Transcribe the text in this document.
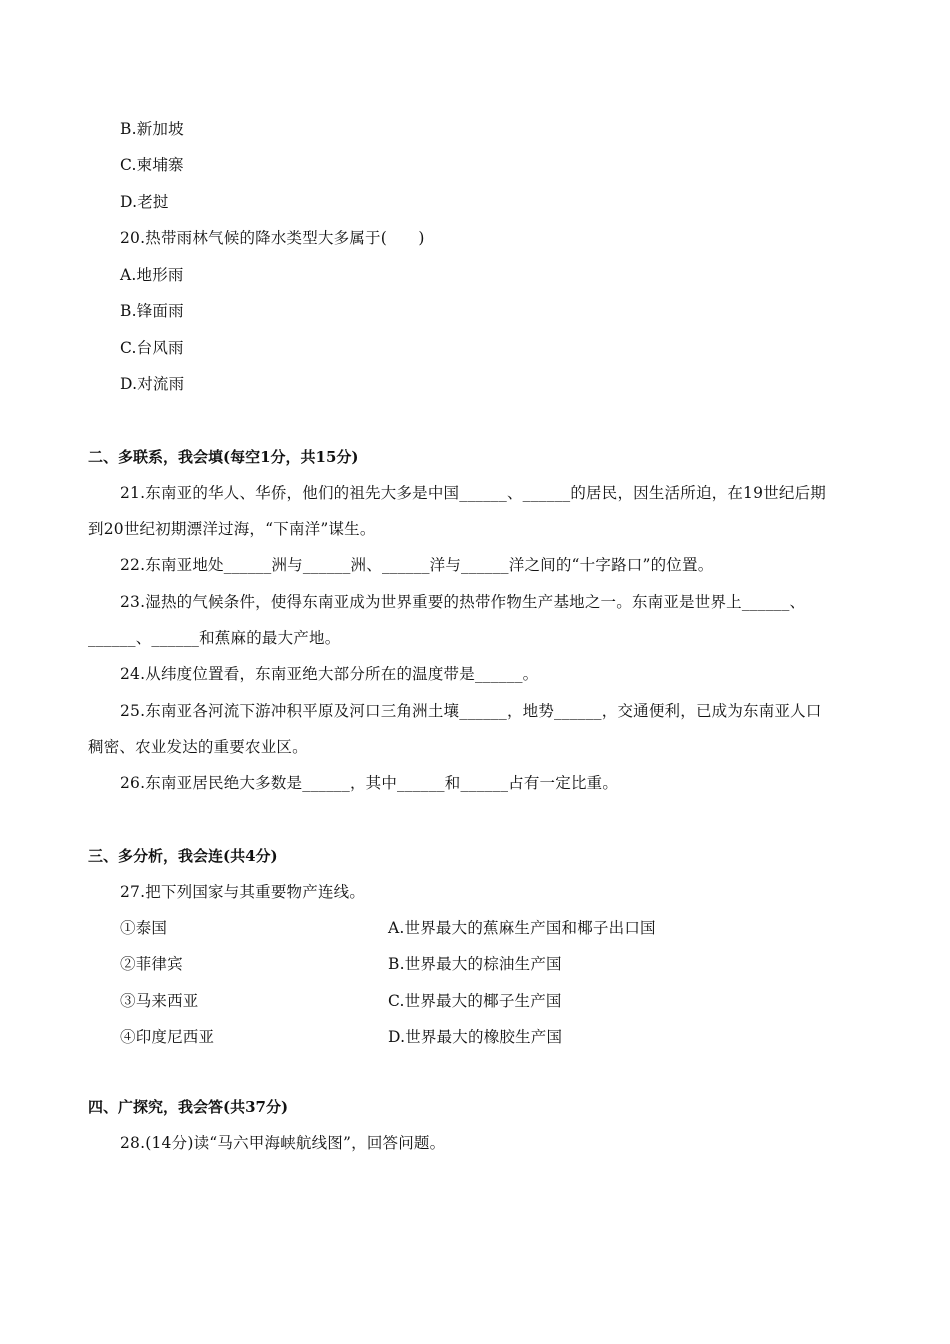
B.新加坡
C.柬埔寨
D.老挝
20.热带雨林气候的降水类型大多属于(　　)
A.地形雨
B.锋面雨
C.台风雨
D.对流雨
二、多联系，我会填(每空1分，共15分)
21.东南亚的华人、华侨，他们的祖先大多是中国______、______的居民，因生活所迫，在19世纪后期
到20世纪初期漂洋过海，“下南洋”谋生。
22.东南亚地处______洲与______洲、______洋与______洋之间的“十字路口”的位置。
23.湿热的气候条件，使得东南亚成为世界重要的热带作物生产基地之一。东南亚是世界上______、
______、______和蕉麻的最大产地。
24.从纬度位置看，东南亚绝大部分所在的温度带是______。
25.东南亚各河流下游冲积平原及河口三角洲土壤______，地势______，交通便利，已成为东南亚人口
稠密、农业发达的重要农业区。
26.东南亚居民绝大多数是______，其中______和______占有一定比重。
三、多分析，我会连(共4分)
27.把下列国家与其重要物产连线。
①泰国	A.世界最大的蕉麻生产国和椰子出口国
②菲律宾	B.世界最大的棕油生产国
③马来西亚	C.世界最大的椰子生产国
④印度尼西亚	D.世界最大的橡胶生产国
四、广探究，我会答(共37分)
28.(14分)读“马六甲海峡航线图”，回答问题。
